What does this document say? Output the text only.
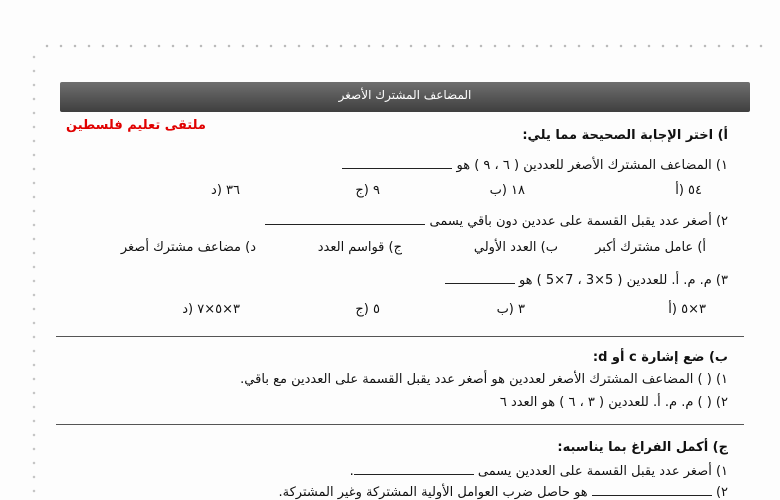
المضاعف المشترك الأصغر
ملتقى تعليم فلسطين
أ) اختر الإجابة الصحيحة مما يلي:
١) المضاعف المشترك الأصغر للعددين ( ٦ ، ٩ ) هو
٥٤ (أ
١٨ (ب
٩ (ج
٣٦ (د
٢) أصغر عدد يقبل القسمة على عددين دون باقي يسمى
أ) عامل مشترك أكبر
ب) العدد الأولي
ج) قواسم العدد
د) مضاعف مشترك أصغر
٣) م. م. أ. للعددين ( 5×3 ، 7×5 ) هو
٣×٥ (أ
٣ (ب
٥ (ج
٣×٥×٧ (د
ب) ضع إشارة c أو d:
١) ( ) المضاعف المشترك الأصغر لعددين هو أصغر عدد يقبل القسمة على العددين مع باقي.
٢) ( ) م. م. أ. للعددين ( ٣ ، ٦ ) هو العدد ٦
ج) أكمل الفراغ بما يناسبه:
١) أصغر عدد يقبل القسمة على العددين يسمى .
٢)  هو حاصل ضرب العوامل الأولية المشتركة وغير المشتركة.
